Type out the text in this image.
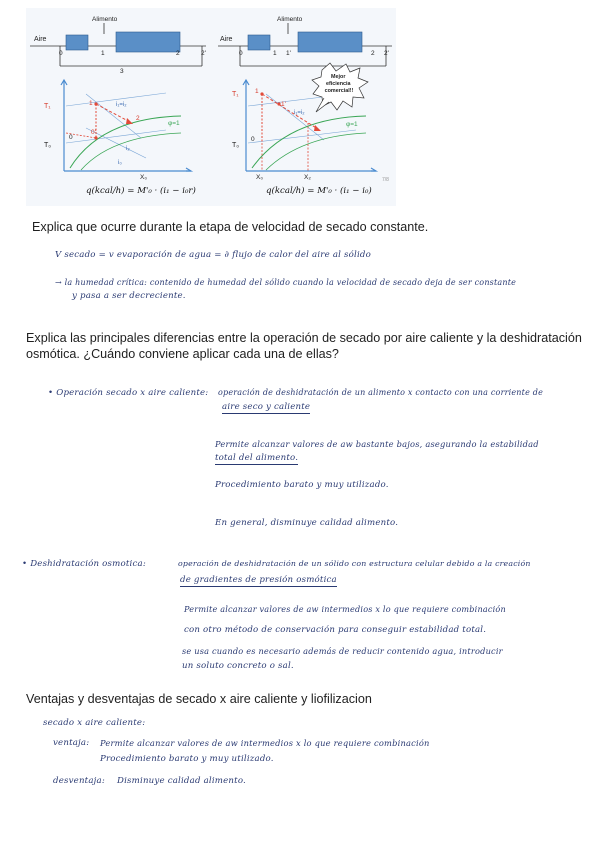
Alimento
Aire
0	1	2	2'
3
T₁
T₀
1
2
0
0'
i₁=i₂
φ=1
i₂
i₀
X₀
Alimento
Aire
0	1 1'	2 2'
T₁
T₀
1
1'
0
i₁=i₂
φ=1
X₀	X₂
Mejor eficiencia comercial!!
7/8
q(kcal/h) = M'₀ · (i₁ − i₀r)	q(kcal/h) = M'₀ · (i₁ − i₀)
Explica que ocurre durante la etapa de velocidad de secado constante.
V secado = v evaporación de agua = ∂ flujo de calor del aire al sólido
→ la humedad crítica: contenido de humedad del sólido cuando la velocidad de secado deja de ser constante
y pasa a ser decreciente.
Explica las principales diferencias entre la operación de secado por aire caliente y la deshidratación
osmótica. ¿Cuándo conviene aplicar cada una de ellas?
• Operación secado x aire caliente: operación de deshidratación de un alimento x contacto con una corriente de
aire seco y caliente
Permite alcanzar valores de aw bastante bajos, asegurando la estabilidad
total del alimento.
Procedimiento barato y muy utilizado.
En general, disminuye calidad alimento.
• Deshidratación osmotica:	operación de deshidratación de un sólido con estructura celular debido a la creación
de gradientes de presión osmótica
Permite alcanzar valores de aw intermedios x lo que requiere combinación
con otro método de conservación para conseguir estabilidad total.
se usa cuando es necesario además de reducir contenido agua, introducir
un soluto concreto o sal.
Ventajas y desventajas de secado x aire caliente y liofilizacion
secado x aire caliente:
ventaja: Permite alcanzar valores de aw intermedios x lo que requiere combinación
Procedimiento barato y muy utilizado.
desventaja: Disminuye calidad alimento.
